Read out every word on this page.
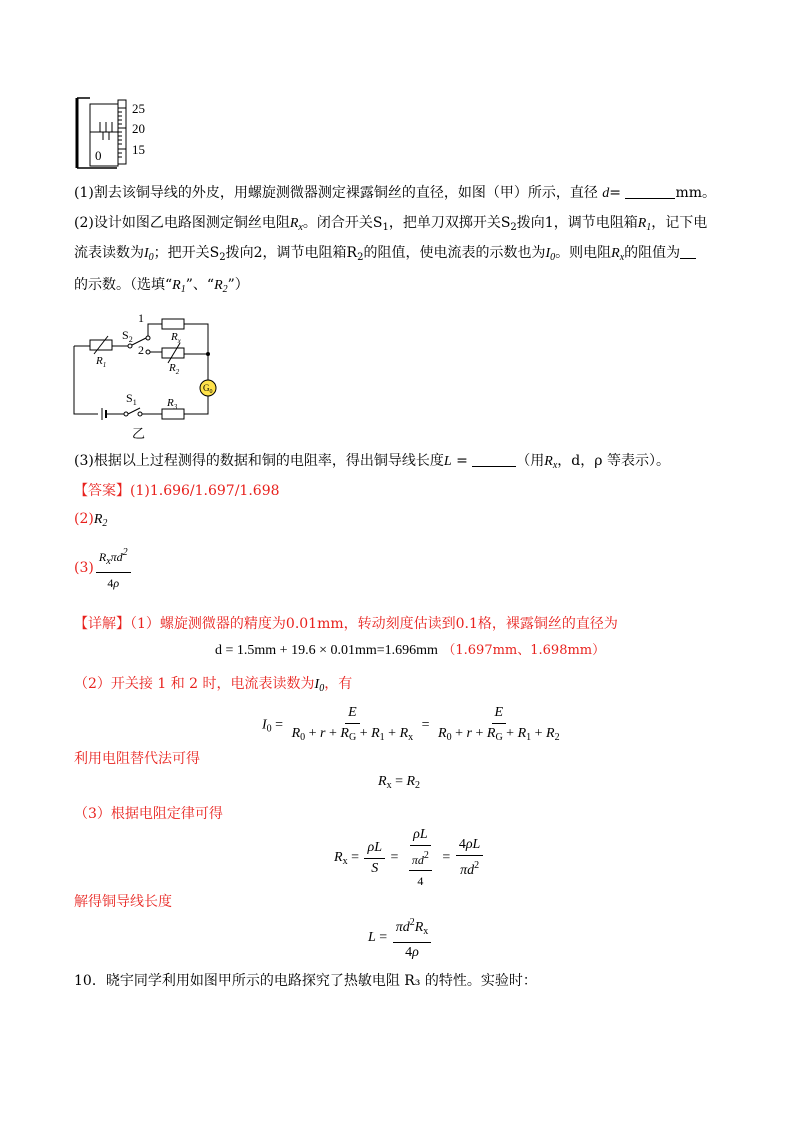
25
20
15
0
(1)割去该铜导线的外皮，用螺旋测微器测定裸露铜丝的直径，如图（甲）所示，直径 d=	mm。
(2)设计如图乙电路图测定铜丝电阻$R_x$。闭合开关$S_1$，把单刀双掷开关$S_2$拨向1，调节电阻箱$R_1$，记下电
流表读数为$I_0$；把开关$S_2$拨向2，调节电阻箱$R_2$的阻值，使电流表的示数也为$I_0$。则电阻$R_x$的阻值为
的示数。（选填“$R_1$”、“$R_2$”）
$S_2$
1
2
$R_x$
$R_1$	$R_2$
$G_0$
$S_1$	$R_3$
乙
(3)根据以上过程测得的数据和铜的电阻率，得出铜导线长度L =	（用$R_x$，d，ρ 等表示）。
【答案】(1)1.696/1.697/1.698
$(2)R_2$
$(3) \frac{R_x\pi d^2}{4\rho}$
【详解】（1）螺旋测微器的精度为0.01mm，转动刻度估读到0.1格，裸露铜丝的直径为
d = 1.5mm + 19.6 × 0.01mm=1.696mm （1.697mm、1.698mm）
（2）开关接 1 和 2 时，电流表读数为$I_0$，有
$I_0 = \frac{E}{R_0 + r + R_G + R_1 + R_x} = \frac{E}{R_0 + r + R_G + R_1 + R_2}$
利用电阻替代法可得
$R_x = R_2$
（3）根据电阻定律可得
$R_x = \frac{\rho L}{S} = \frac{\rho L}{\frac{\pi d^2}{4}} = \frac{4\rho L}{\pi d^2}$
解得铜导线长度
$L = \frac{\pi d^2R_x}{4\rho}$
10．晓宇同学利用如图甲所示的电路探究了热敏电阻 R₃ 的特性。实验时：
